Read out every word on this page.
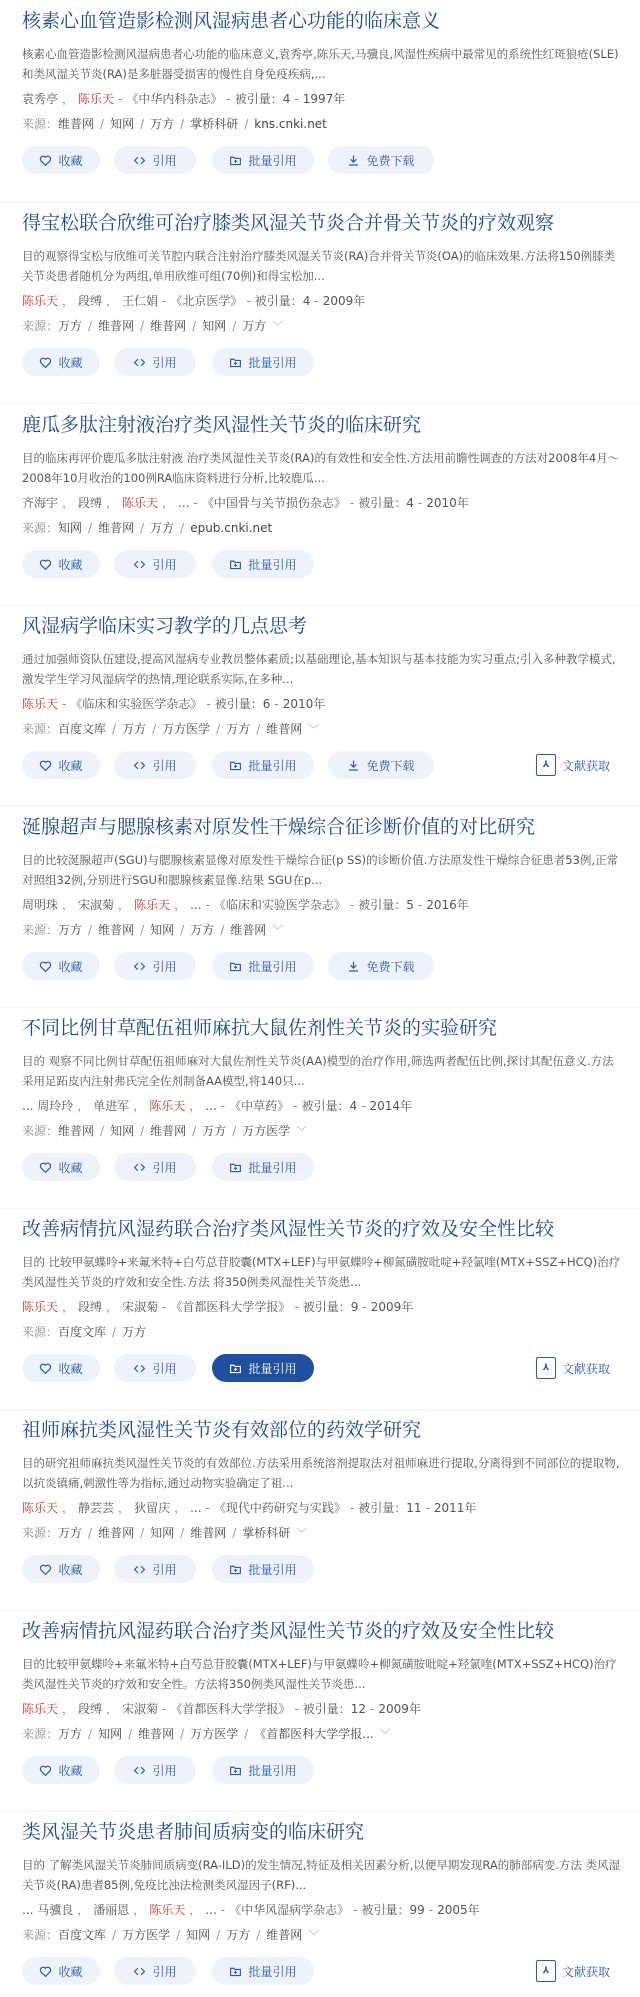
核素心血管造影检测风湿病患者心功能的临床意义
核素心血管造影检测风湿病患者心功能的临床意义,袁秀亭,陈乐天,马骥良,风湿性疾病中最常见的系统性红斑狼疮(SLE)和类风湿关节炎(RA)是多脏器受损害的慢性自身免疫疾病,...
袁秀亭 ， 陈乐天 - 《中华内科杂志》 - 被引量：4 - 1997年
来源：维普网 / 知网 / 万方 / 掌桥科研 / kns.cnki.net
收藏	引用	批量引用	免费下载
得宝松联合欣维可治疗膝类风湿关节炎合并骨关节炎的疗效观察
目的观察得宝松与欣维可关节腔内联合注射治疗膝类风湿关节炎(RA)合并骨关节炎(OA)的临床效果.方法将150例膝类关节炎患者随机分为两组,单用欣维可组(70例)和得宝松加...
陈乐天 ， 段缚 ， 王仁娟 - 《北京医学》 - 被引量：4 - 2009年
来源：万方 / 维普网 / 维普网 / 知网 / 万方 ﹀
收藏	引用	批量引用
鹿瓜多肽注射液治疗类风湿性关节炎的临床研究
目的临床再评价鹿瓜多肽注射液 治疗类风湿性关节炎(RA)的有效性和安全性.方法用前瞻性调查的方法对2008年4月～2008年10月收治的100例RA临床资料进行分析,比较鹿瓜...
齐海宇 ， 段缚 ， 陈乐天 ， ... - 《中国骨与关节损伤杂志》 - 被引量：4 - 2010年
来源：知网 / 维普网 / 万方 / epub.cnki.net
收藏	引用	批量引用
风湿病学临床实习教学的几点思考
通过加强师资队伍建设,提高风湿病专业教员整体素质;以基础理论,基本知识与基本技能为实习重点;引入多种教学模式,激发学生学习风湿病学的热情,理论联系实际,在多种...
陈乐天 - 《临床和实验医学杂志》 - 被引量：6 - 2010年
来源：百度文库 / 万方 / 万方医学 / 万方 / 维普网 ﹀
收藏	引用	批量引用	免费下载	⅄	文献获取
涎腺超声与腮腺核素对原发性干燥综合征诊断价值的对比研究
目的比较涎腺超声(SGU)与腮腺核素显像对原发性干燥综合征(p SS)的诊断价值.方法原发性干燥综合征患者53例,正常对照组32例,分别进行SGU和腮腺核素显像.结果 SGU在p...
周明珠 ， 宋淑菊 ， 陈乐天 ， ... - 《临床和实验医学杂志》 - 被引量：5 - 2016年
来源：万方 / 维普网 / 知网 / 万方 / 维普网 ﹀
收藏	引用	批量引用	免费下载
不同比例甘草配伍祖师麻抗大鼠佐剂性关节炎的实验研究
目的 观察不同比例甘草配伍祖师麻对大鼠佐剂性关节炎(AA)模型的治疗作用,筛选两者配伍比例,探讨其配伍意义.方法 采用足跖皮内注射弗氏完全佐剂制备AA模型,将140只...
... 周玲玲 ， 单进军 ， 陈乐天 ， ... - 《中草药》 - 被引量：4 - 2014年
来源：维普网 / 知网 / 维普网 / 万方 / 万方医学 ﹀
收藏	引用	批量引用
改善病情抗风湿药联合治疗类风湿性关节炎的疗效及安全性比较
目的 比较甲氨蝶呤+来氟米特+白芍总苷胶囊(MTX+LEF)与甲氨蝶呤+柳氮磺胺吡啶+羟氯喹(MTX+SSZ+HCQ)治疗类风湿性关节炎的疗效和安全性.方法 将350例类风湿性关节炎患...
陈乐天 ， 段缚 ， 宋淑菊 - 《首都医科大学学报》 - 被引量：9 - 2009年
来源：百度文库 / 万方
收藏	引用	批量引用	⅄	文献获取
祖师麻抗类风湿性关节炎有效部位的药效学研究
目的研究祖师麻抗类风湿性关节炎的有效部位.方法采用系统溶剂提取法对祖师麻进行提取,分离得到不同部位的提取物,以抗炎镇痛,刺激性等为指标,通过动物实验确定了祖...
陈乐天 ， 静芸芸 ， 狄留庆 ， ... - 《现代中药研究与实践》 - 被引量：11 - 2011年
来源：万方 / 维普网 / 知网 / 维普网 / 掌桥科研 ﹀
收藏	引用	批量引用
改善病情抗风湿药联合治疗类风湿性关节炎的疗效及安全性比较
目的比较甲氨蝶呤+来氟米特+白芍总苷胶囊(MTX+LEF)与甲氨蝶呤+柳氮磺胺吡啶+羟氯喹(MTX+SSZ+HCQ)治疗类风湿性关节炎的疗效和安全性。方法将350例类风湿性关节炎患...
陈乐天 ， 段缚 ， 宋淑菊 - 《首都医科大学学报》 - 被引量：12 - 2009年
来源：万方 / 知网 / 维普网 / 万方医学 / 《首都医科大学学报... ﹀
收藏	引用	批量引用
类风湿关节炎患者肺间质病变的临床研究
目的 了解类风湿关节炎肺间质病变(RA-ILD)的发生情况,特征及相关因素分析,以便早期发现RA的肺部病变.方法 类风湿关节炎(RA)患者85例,免疫比浊法检测类风湿因子(RF)...
... 马骥良 ， 潘丽恩 ， 陈乐天 ， ... - 《中华风湿病学杂志》 - 被引量：99 - 2005年
来源：百度文库 / 万方医学 / 知网 / 万方 / 维普网 ﹀
收藏	引用	批量引用	⅄	文献获取
